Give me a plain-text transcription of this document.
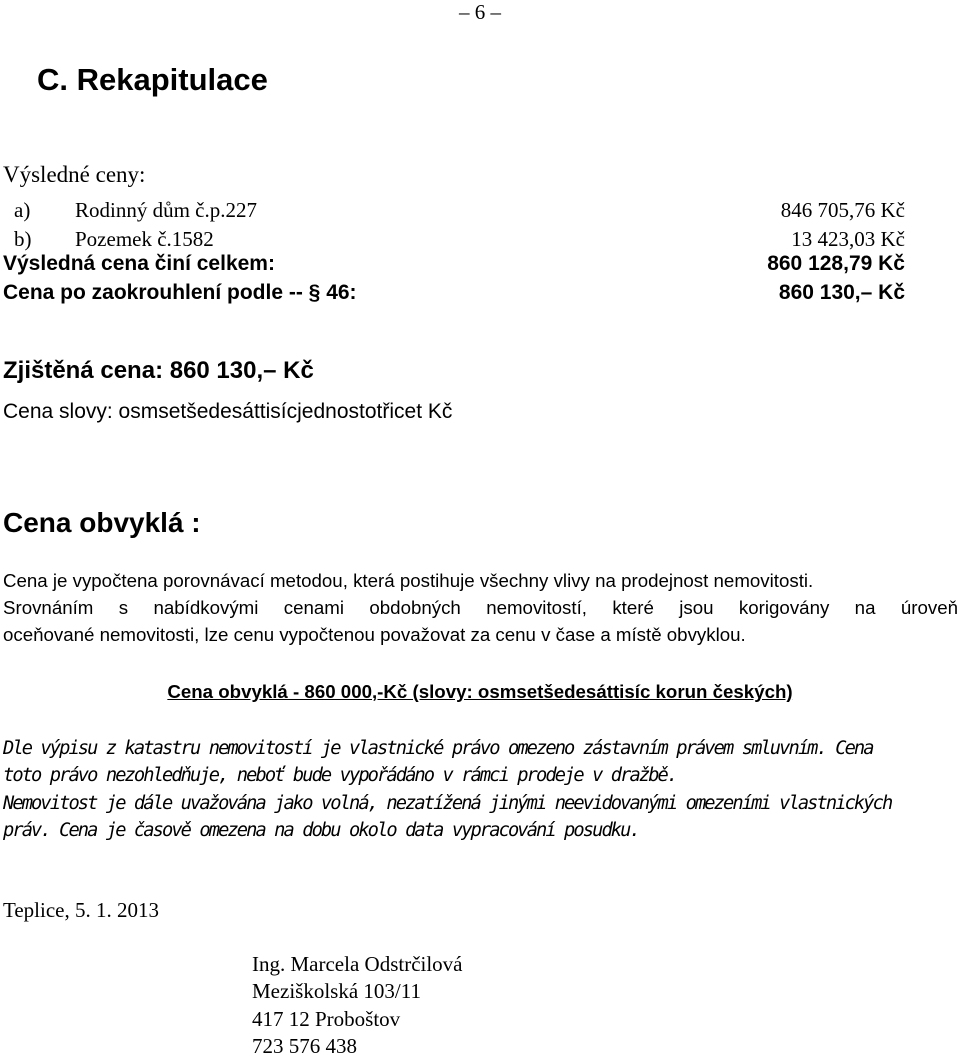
– 6 –
C. Rekapitulace
Výsledné ceny:
a)	Rodinný dům č.p.227	846 705,76 Kč
b)	Pozemek č.1582	13 423,03 Kč
Výsledná cena činí celkem:	860 128,79 Kč
Cena po zaokrouhlení podle -- § 46:	860 130,– Kč
Zjištěná cena: 860 130,– Kč
Cena slovy: osmsetšedesáttisícjednostotřicet Kč
Cena obvyklá :
Cena je vypočtena porovnávací metodou, která postihuje všechny vlivy na prodejnost nemovitosti.
Srovnáním s nabídkovými cenami obdobných nemovitostí, které jsou korigovány na úroveň
oceňované nemovitosti, lze cenu vypočtenou považovat za cenu v čase a místě obvyklou.
Cena obvyklá - 860 000,-Kč (slovy: osmsetšedesáttisíc korun českých)
Dle výpisu z katastru nemovitostí je vlastnické právo omezeno zástavním právem smluvním. Cena
toto právo nezohledňuje, neboť bude vypořádáno v rámci prodeje v dražbě.
Nemovitost je dále uvažována jako volná, nezatížená jinými neevidovanými omezeními vlastnických
práv. Cena je časově omezena na dobu okolo data vypracování posudku.
Teplice, 5. 1. 2013
Ing. Marcela Odstrčilová
Meziškolská 103/11
417 12 Proboštov
723 576 438
